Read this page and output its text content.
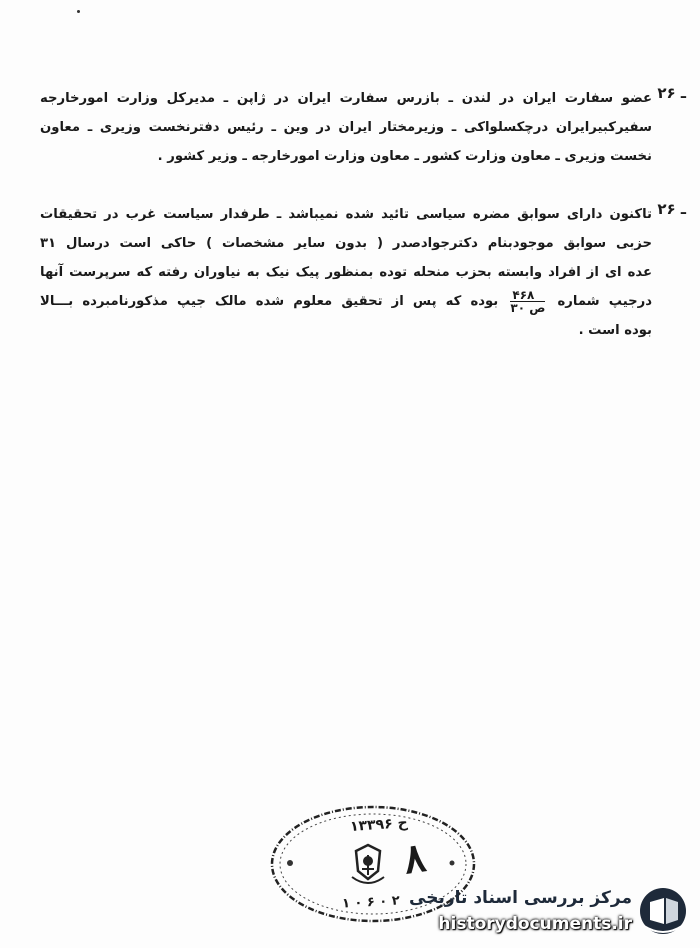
۲۶ ـ

عضو سفارت ایران در لندن ـ بازرس سفارت ایران در ژاپن ـ مدیرکل وزارت امورخارجه

سفیرکبیرایران درچکسلواکی ـ وزیرمختار ایران در وین ـ رئیس دفترنخست وزیری ـ معاون

نخست وزیری ـ معاون وزارت کشور ـ معاون وزارت امورخارجه ـ وزیر کشور .

۲۶ ـ

تاکنون دارای سوابق مضره سیاسی تائید شده نمیباشد ـ طرفدار سیاست غرب در تحقیقات

حزبی سوابق موجودبنام دکترجوادصدر ( بدون سایر مشخصات ) حاکی است درسال ۳۱

عده ای از افراد وابسته بحزب منحله توده بمنظور پیک نیک به نیاوران رفته که سرپرست آنها

درجیپ شماره
$\frac{۴۶۸}{\text{۳۰ ص}}$
بوده که پس از تحقیق معلوم شده مالک جیپ مذکورنامبرده بـــالا

بوده است .

۱۳۳۹۶ ح
۸
۱ ۰ ۶ ۰ ۲ مرکز بررسی اسناد تاریخی
historydocuments.ir
